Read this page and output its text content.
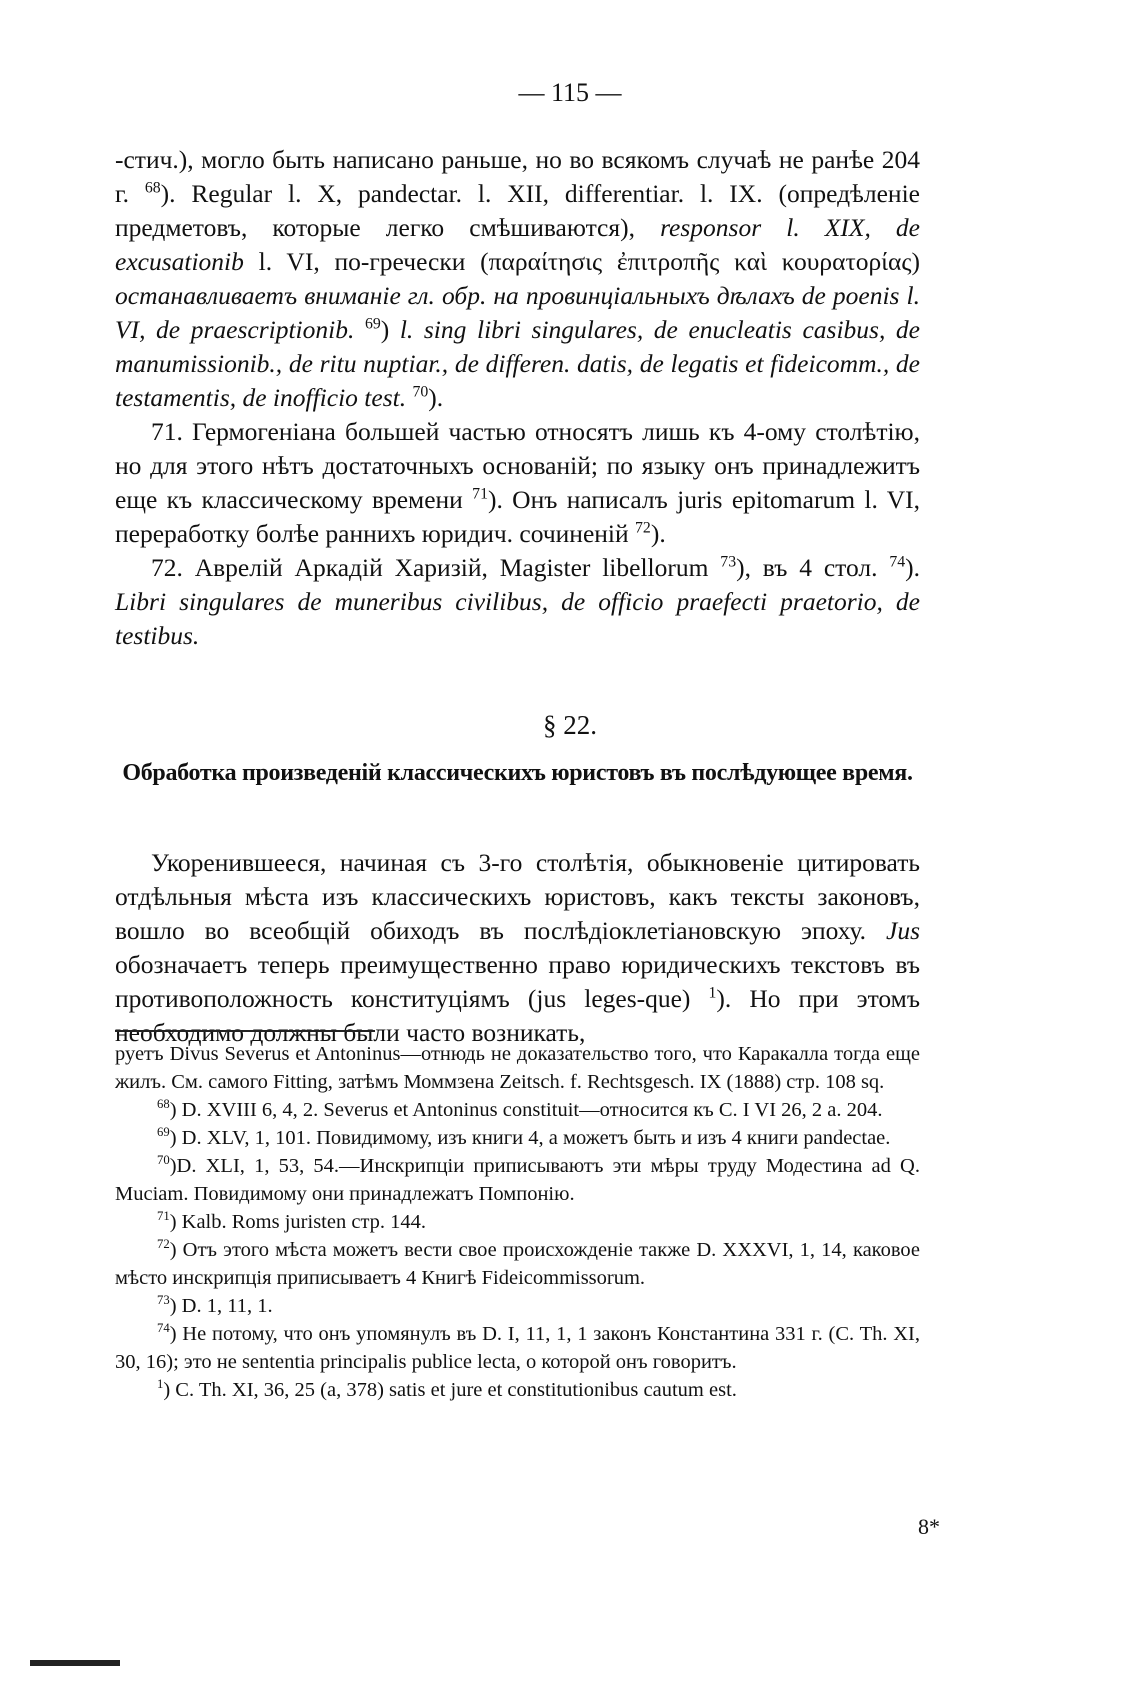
— 115 —

-стич.), могло быть написано раньше, но во всякомъ случаѣ не ранѣе 204 г. $^{68}$). Regular l. X, pandectar. l. XII, differentiar. l. IX. (опредѣленіе предметовъ, которые легко смѣшиваются), responsor l. XIX, de excusationib l. VI, по-гречески (παραίτησις ἐπιτροπῆς καὶ κουρατορίας) останавливаетъ вниманіе гл. обр. на провинціальныхъ дѣлахъ de poenis l. VI, de praescriptionib. $^{69}$) l. sing libri singulares, de enucleatis casibus, de manumissionib., de ritu nuptiar., de differen. datis, de legatis et fideicomm., de testamentis, de inofficio test. $^{70}$).

71. Гермогеніана большей частью относятъ лишь къ 4-ому столѣтію, но для этого нѣтъ достаточныхъ основаній; по языку онъ принадлежитъ еще къ классическому времени $^{71}$). Онъ написалъ juris epitomarum l. VI, переработку болѣе раннихъ юридич. сочиненій $^{72}$).

72. Аврелій Аркадій Харизій, Magister libellorum $^{73}$), въ 4 стол. $^{74}$). Libri singulares de muneribus civilibus, de officio praefecti praetorio, de testibus.

§ 22.
Обработка произведеній классическихъ юристовъ въ послѣдующее время.

Укоренившееся, начиная съ 3-го столѣтія, обыкновеніе цитировать отдѣльныя мѣста изъ классическихъ юристовъ, какъ тексты законовъ, вошло во всеобщій обиходъ въ послѣдіоклетіановскую эпоху. Jus обозначаетъ теперь преимущественно право юридическихъ текстовъ въ противоположность конституціямъ (jus leges-que) $^1$). Но при этомъ необходимо должны были часто возникать,

руетъ Divus Severus et Antoninus—отнюдь не доказательство того, что Каракалла тогда еще жилъ. См. самого Fitting, затѣмъ Моммзена Zeitsch. f. Rechtsgesch. IX (1888) стр. 108 sq.

$^{68}$) D. XVIII 6, 4, 2. Severus et Antoninus constituit—относится къ C. I VI 26, 2 a. 204.

$^{69}$) D. XLV, 1, 101. Повидимому, изъ книги 4, а можетъ быть и изъ 4 книги pandectae.

$^{70}$)D. XLI, 1, 53, 54.—Инскрипціи приписываютъ эти мѣры труду Модестина ad Q. Muciam. Повидимому они принадлежатъ Помпонію.

$^{71}$) Kalb. Roms juristen стр. 144.

$^{72}$) Отъ этого мѣста можетъ вести свое происхожденіе также D. XXXVI, 1, 14, каковое мѣсто инскрипція приписываетъ 4 Книгѣ Fideicommissorum.

$^{73}$) D. 1, 11, 1.

$^{74}$) Не потому, что онъ упомянулъ въ D. I, 11, 1, 1 законъ Константина 331 г. (C. Th. XI, 30, 16); это не sententia principalis publice lecta, о которой онъ говоритъ.

$^1$) C. Th. XI, 36, 25 (a, 378) satis et jure et constitutionibus cautum est.

8*
